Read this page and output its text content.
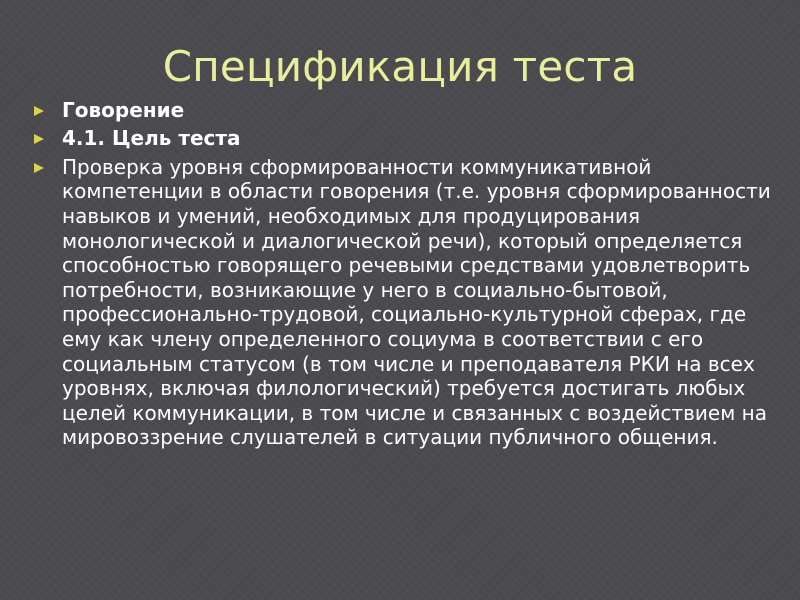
Спецификация теста
Говорение
4.1. Цель теста
Проверка уровня сформированности коммуникативной компетенции в области говорения (т.е. уровня сформированности навыков и умений, необходимых для продуцирования монологической и диалогической речи), который определяется способностью говорящего речевыми средствами удовлетворить потребности, возникающие у него в социально-бытовой, профессионально-трудовой, социально-культурной сферах, где ему как члену определенного социума в соответствии с его социальным статусом (в том числе и преподавателя РКИ на всех уровнях, включая филологический) требуется достигать любых целей коммуникации, в том числе и связанных с воздействием на мировоззрение слушателей в ситуации публичного общения.
